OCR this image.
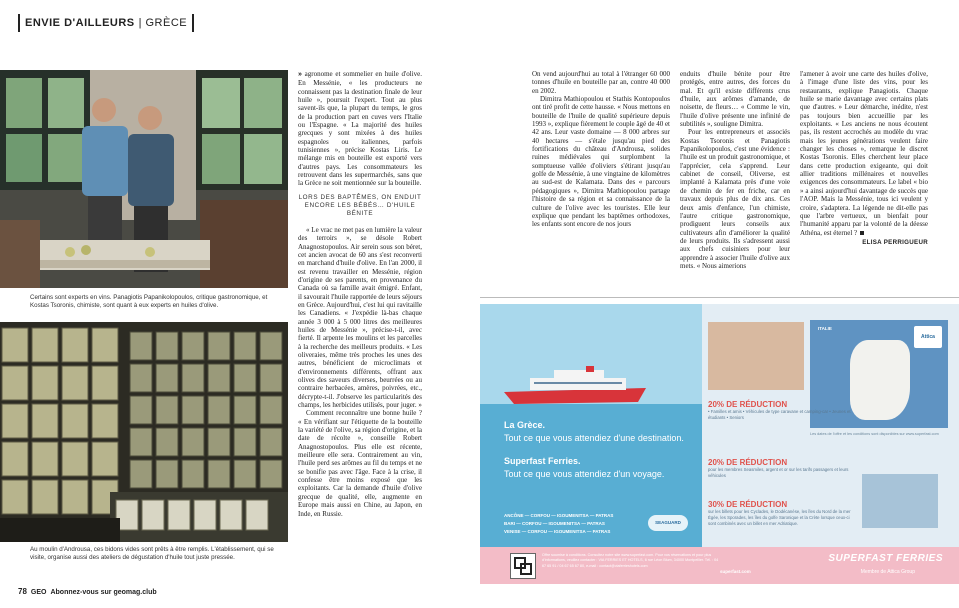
ENVIE D'AILLEURS | GRÈCE
Certains sont experts en vins. Panagiotis Papanikolopoulos, critique gastronomique, et Kostas Tsoronis, chimiste, sont quant à eux experts en huiles d'olive.
Au moulin d'Androusa, ces bidons vides sont prêts à être remplis. L'établissement, qui se visite, organise aussi des ateliers de dégustation d'huile tout juste pressée.
78 GEO Abonnez-vous sur geomag.club

» agronome et sommelier en huile d'olive. En Messénie, « les producteurs ne connaissent pas la destination finale de leur huile », poursuit l'expert. Tout au plus savent-ils que, la plupart du temps, le gros de la production part en cuves vers l'Italie ou l'Espagne. « La majorité des huiles grecques y sont mixées à des huiles espagnoles ou italiennes, parfois tunisiennes », précise Kostas Liris. Le mélange mis en bouteille est exporté vers d'autres pays. Les consommateurs les retrouvent dans les supermarchés, sans que la Grèce ne soit mentionnée sur la bouteille.

LORS DES BAPTÊMES, ON ENDUIT ENCORE LES BÉBÉS… D'HUILE BÉNITE

« Le vrac ne met pas en lumière la valeur des terroirs », se désole Robert Anagnostopoulos. Air serein sous son béret, cet ancien avocat de 60 ans s'est reconverti en marchand d'huile d'olive. En l'an 2000, il est revenu travailler en Messénie, région d'origine de ses parents, en provenance du Canada où sa famille avait émigré. Enfant, il savourait l'huile rapportée de leurs séjours en Grèce. Aujourd'hui, c'est lui qui ravitaille les Canadiens. « J'expédie là-bas chaque année 3 000 à 5 000 litres des meilleures huiles de Messénie », précise-t-il, avec fierté. Il arpente les moulins et les parcelles à la recherche des meilleurs produits. « Les oliveraies, même très proches les unes des autres, bénéficient de microclimats et d'environnements différents, offrant aux olives des saveurs diverses, beurrées ou au contraire herbacées, amères, poivrées, etc., décrypte-t-il. J'observe les particularités des champs, les herbicides utilisés, pour juger. »

Comment reconnaître une bonne huile ? « En vérifiant sur l'étiquette de la bouteille la variété de l'olive, sa région d'origine, et la date de récolte », conseille Robert Anagnostopoulos. Plus elle est récente, meilleure elle sera. Contrairement au vin, l'huile perd ses arômes au fil du temps et ne se bonifie pas avec l'âge. Face à la crise, il confesse être moins exposé que les exploitants. Car la demande d'huile d'olive grecque de qualité, elle, augmente en Europe mais aussi en Chine, au Japon, en Inde, en Russie.

On vend aujourd'hui au total à l'étranger 60 000 tonnes d'huile en bouteille par an, contre 40 000 en 2002.

Dimitra Mathiopoulou et Stathis Kontopoulos ont tiré profit de cette hausse. « Nous mettons en bouteille de l'huile de qualité supérieure depuis 1993 », explique fièrement le couple âgé de 40 et 42 ans. Leur vaste domaine — 8 000 arbres sur 40 hectares — s'étale jusqu'au pied des fortifications du château d'Androusa, solides ruines médiévales qui surplombent la somptueuse vallée d'oliviers s'étirant jusqu'au golfe de Messénie, à une vingtaine de kilomètres au sud-est de Kalamata. Dans des « parcours pédagogiques », Dimitra Mathiopoulou partage l'histoire de sa région et sa connaissance de la culture de l'olive avec les touristes. Elle leur explique que pendant les baptêmes orthodoxes, les enfants sont encore de nos jours

enduits d'huile bénite pour être protégés, entre autres, des forces du mal. Et qu'il existe différents crus d'huile, aux arômes d'amande, de noisette, de fleurs… « Comme le vin, l'huile d'olive présente une infinité de subtilités », souligne Dimitra.

Pour les entrepreneurs et associés Kostas Tsoronis et Panagiotis Papanikolopoulos, c'est une évidence : l'huile est un produit gastronomique, et l'apprécier, cela s'apprend. Leur cabinet de conseil, Oliverse, est implanté à Kalamata près d'une voie de chemin de fer en friche, car en travaux depuis plus de dix ans. Ces deux amis d'enfance, l'un chimiste, l'autre critique gastronomique, prodiguent leurs conseils aux cultivateurs afin d'améliorer la qualité de leurs produits. Ils s'adressent aussi aux chefs cuisiniers pour leur apprendre à associer l'huile d'olive aux mets. « Nous aimerions

l'amener à avoir une carte des huiles d'olive, à l'image d'une liste des vins, pour les restaurants, explique Panagiotis. Chaque huile se marie davantage avec certains plats que d'autres. » Leur démarche, inédite, n'est pas toujours bien accueillie par les exploitants. « Les anciens ne nous écoutent pas, ils restent accrochés au modèle du vrac mais les jeunes générations veulent faire changer les choses », remarque le discret Kostas Tsoronis. Elles cherchent leur place dans cette production exigeante, qui doit allier traditions millénaires et nouvelles exigences des consommateurs. Le label « bio » a ainsi aujourd'hui davantage de succès que l'AOP. Mais la Messénie, tous ici veulent y croire, s'adaptera. La légende ne dit-elle pas que l'arbre vertueux, un bienfait pour l'humanité apparu par la volonté de la déesse Athéna, est éternel ?

ELISA PERRIGUEUR
La Grèce.
Tout ce que vous attendiez d'une destination.
Superfast Ferries.
Tout ce que vous attendiez d'un voyage.
ANCÔNE — CORFOU — IGOUMENITSA — PATRAS
BARI — CORFOU — IGOUMENITSA — PATRAS
VENISE — CORFOU — IGOUMENITSA — PATRAS
SEAGUARD
ITALIE
Attica
Les dates de l'offre et les conditions sont disponibles sur www.superfast.com
20% DE RÉDUCTION
• Familles et amis • Véhicules de type caravane et camping-car • Jeunes et étudiants • Seniors
20% DE RÉDUCTION
pour les membres Seasmiles, argent et or sur les tarifs passagers et leurs véhicules
30% DE RÉDUCTION
sur les billets pour les Cyclades, le Dodécanèse, les îles du Nord de la mer Égée, les Sporades, les îles du golfe Saronique et la Crète lorsque ceux-ci sont combinés avec un billet en mer Adriatique.
Offre soumise à conditions. Consultez notre site www.superfast.com. Pour vos réservations et pour plus d'informations, veuillez contacter : VIA FERRIES ET HOTELS, 6 rue Léon Blum, 34000 Montpellier. Tél. : 04 67 65 91 / 04 67 65 67 80, e-mail : contact@viaferrieshotels.com
superfast.com
SUPERFAST FERRIES
Membre de Attica Group
